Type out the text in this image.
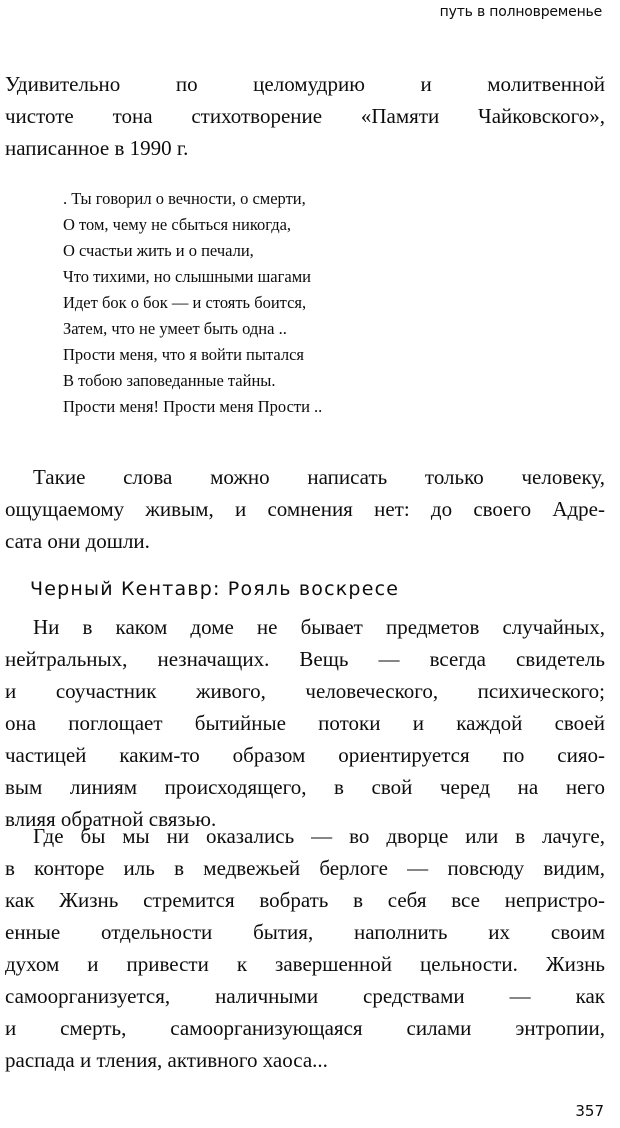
путь в полновременье
Удивительно по целомудрию и молитвенной
чистоте тона стихотворение «Памяти Чайковского»,
написанное в 1990 г.
. Ты говорил о вечности, о смерти,
О том, чему не сбыться никогда,
О счастьи жить и о печали,
Что тихими, но слышными шагами
Идет бок о бок — и стоять боится,
Затем, что не умеет быть одна ..
Прости меня, что я войти пытался
В тобою заповеданные тайны.
Прости меня! Прости меня Прости ..
Такие слова можно написать только человеку,
ощущаемому живым, и сомнения нет: до своего Адре-
сата они дошли.
Черный Кентавр: Рояль воскресе
Ни в каком доме не бывает предметов случайных,
нейтральных, незначащих. Вещь — всегда свидетель
и соучастник живого, человеческого, психического;
она поглощает бытийные потоки и каждой своей
частицей каким-то образом ориентируется по сияо-
вым линиям происходящего, в свой черед на него
влияя обратной связью.
Где бы мы ни оказались — во дворце или в лачуге,
в конторе иль в медвежьей берлоге — повсюду видим,
как Жизнь стремится вобрать в себя все непристро-
енные отдельности бытия, наполнить их своим
духом и привести к завершенной цельности. Жизнь
самоорганизуется, наличными средствами — как
и смерть, самоорганизующаяся силами энтропии,
распада и тления, активного хаоса...
357
